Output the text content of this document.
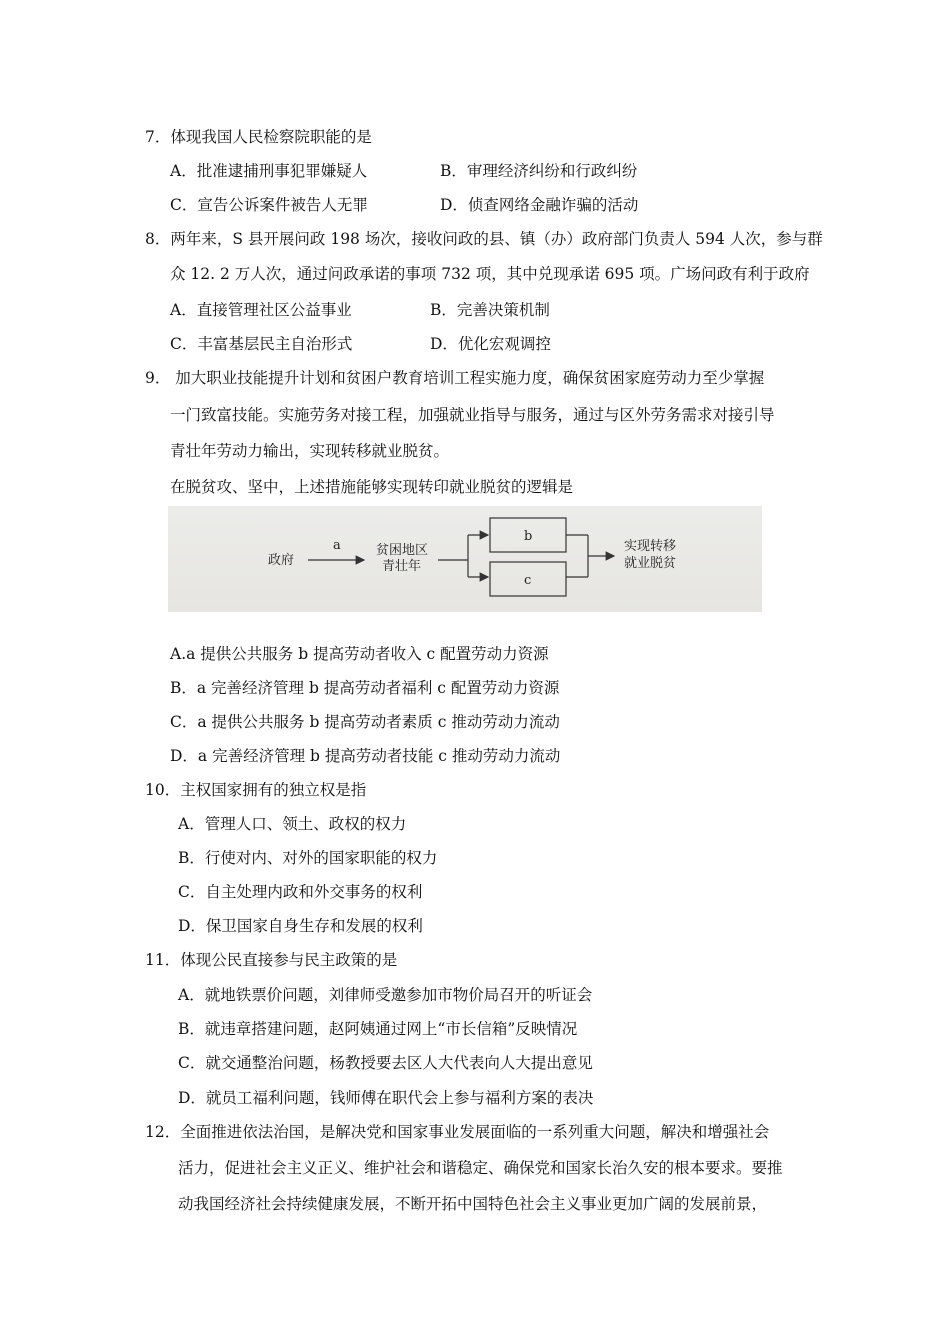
7．体现我国人民检察院职能的是
A．批准逮捕刑事犯罪嫌疑人	B．审理经济纠纷和行政纠纷
C．宣告公诉案件被告人无罪	D．侦查网络金融诈骗的活动
8．两年来，S 县开展问政 198 场次，接收问政的县、镇（办）政府部门负责人 594 人次，参与群
众 12. 2 万人次，通过问政承诺的事项 732 项，其中兑现承诺 695 项。广场问政有利于政府
A．直接管理社区公益事业	B．完善决策机制
C．丰富基层民主自治形式	D．优化宏观调控
9． 加大职业技能提升计划和贫困户教育培训工程实施力度，确保贫困家庭劳动力至少掌握
一门致富技能。实施劳务对接工程，加强就业指导与服务，通过与区外劳务需求对接引导
青壮年劳动力输出，实现转移就业脱贫。
在脱贫攻、坚中，上述措施能够实现转印就业脱贫的逻辑是
政府
a	贫困地区
青壮年
b
c
实现转移
就业脱贫
A.a 提供公共服务 b 提高劳动者收入 c 配置劳动力资源
B．a 完善经济管理 b 提高劳动者福利 c 配置劳动力资源
C．a 提供公共服务 b 提高劳动者素质 c 推动劳动力流动
D．a 完善经济管理 b 提高劳动者技能 c 推动劳动力流动
10．主权国家拥有的独立权是指
A．管理人口、领土、政权的权力
B．行使对内、对外的国家职能的权力
C．自主处理内政和外交事务的权利
D．保卫国家自身生存和发展的权利
11．体现公民直接参与民主政策的是
A．就地铁票价问题，刘律师受邀参加市物价局召开的听证会
B．就违章搭建问题，赵阿姨通过网上“市长信箱”反映情况
C．就交通整治问题，杨教授要去区人大代表向人大提出意见
D．就员工福利问题，钱师傅在职代会上参与福利方案的表决
12．全面推进依法治国，是解决党和国家事业发展面临的一系列重大问题，解决和增强社会
活力，促进社会主义正义、维护社会和谐稳定、确保党和国家长治久安的根本要求。要推
动我国经济社会持续健康发展，不断开拓中国特色社会主义事业更加广阔的发展前景，
